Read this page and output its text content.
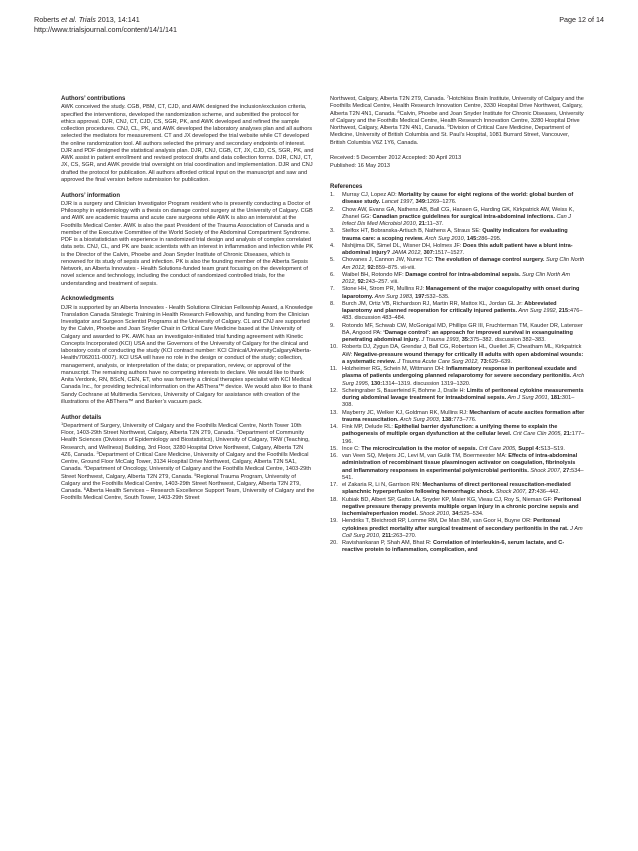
Roberts et al. Trials 2013, 14:141
http://www.trialsjournal.com/content/14/1/141
Page 12 of 14
Authors’ contributions
AWK conceived the study. CGB, PBM, CT, CJD, and AWK designed the inclusion/exclusion criteria, specified the interventions, developed the randomization scheme, and submitted the protocol for ethics approval. DJR, CNJ, CT, CJD, CS, SGR, PK, and AWK developed and refined the sample collection procedures. CNJ, CL, PK, and AWK developed the laboratory analyses plan and all authors selected the mediators for measurement. CT and JX developed the trial website while CT developed the online randomization tool. All authors selected the primary and secondary endpoints of interest. DJR and PDF designed the statistical analysis plan. DJR, CNJ, CGB, CT, JX, CJD, CS, SGR, PK, and AWK assist in patient enrollment and revised protocol drafts and data collection forms. DJR, CNJ, CT, JX, CS, SGR, and AWK provide trial oversight on trial coordination and implementation. DJR and CNJ drafted the protocol for publication. All authors afforded critical input on the manuscript and saw and approved the final version before submission for publication.
Authors’ information
DJR is a surgery and Clinician Investigator Program resident who is presently conducting a Doctor of Philosophy in epidemiology with a thesis on damage control surgery at the University of Calgary. CGB and AWK are academic trauma and acute care surgeons while AWK is also an intensivist at the Foothills Medical Center. AWK is also the past President of the Trauma Association of Canada and a member of the Executive Committee of the World Society of the Abdominal Compartment Syndrome. PDF is a biostatistician with experience in randomized trial design and analysis of complex correlated data sets. CNJ, CL, and PK are basic scientists with an interest in inflammation and infection while PK is the Director of the Calvin, Phoebe and Joan Snyder Institute of Chronic Diseases, which is renowned for its study of sepsis and infection. PK is also the founding member of the Alberta Sepsis Network, an Alberta Innovates - Health Solutions-funded team grant focusing on the development of novel science and technology, including the conduct of randomized controlled trials, for the understanding and treatment of sepsis.
Acknowledgments
DJR is supported by an Alberta Innovates - Health Solutions Clinician Fellowship Award, a Knowledge Translation Canada Strategic Training in Health Research Fellowship, and funding from the Clinician Investigator and Surgeon Scientist Programs at the University of Calgary. CL and CNJ are supported by the Calvin, Phoebe and Joan Snyder Chair in Critical Care Medicine based at the University of Calgary and awarded to PK. AWK has an investigator-initiated trial funding agreement with Kinetic Concepts Incorporated (KCI) USA and the Governors of the University of Calgary for the clinical and laboratory costs of conducting the study (KCI contract number: KCI Clinical/UniversityCalgaryAlberta-Health/7062011-0007). KCI USA will have no role in the design or conduct of the study; collection, management, analysis, or interpretation of the data; or preparation, review, or approval of the manuscript. The remaining authors have no competing interests to declare. We would like to thank Anita Verdonk, RN, BScN, CEN, ET, who was formerly a clinical therapies specialist with KCI Medical Canada Inc., for providing technical information on the ABThera™ device. We would also like to thank Sandy Cochrane at Multimedia Services, University of Calgary for assistance with creation of the illustrations of the ABThera™ and Barker’s vacuum pack.
Author details
$^1$Department of Surgery, University of Calgary and the Foothills Medical Centre, North Tower 10th Floor, 1403-29th Street Northwest, Calgary, Alberta T2N 2T9, Canada. $^2$Department of Community Health Sciences (Divisions of Epidemiology and Biostatistics), University of Calgary, TRW (Teaching, Research, and Wellness) Building, 3rd Floor, 3280 Hospital Drive Northwest, Calgary, Alberta T2N 4Z6, Canada. $^3$Department of Critical Care Medicine, University of Calgary and the Foothills Medical Centre, Ground Floor McCaig Tower, 3134 Hospital Drive Northwest, Calgary, Alberta T2N 5A1, Canada. $^4$Department of Oncology, University of Calgary and the Foothills Medical Centre, 1403-29th Street Northwest, Calgary, Alberta T2N 2T9, Canada. $^5$Regional Trauma Program, University of Calgary and the Foothills Medical Centre, 1403-29th Street Northwest, Calgary, Alberta T2N 2T9, Canada. $^6$Alberta Health Services – Research Excellence Support Team, University of Calgary and the Foothills Medical Centre, South Tower, 1403-29th Street
Northwest, Calgary, Alberta T2N 2T9, Canada. $^7$Hotchkiss Brain Institute, University of Calgary and the Foothills Medical Centre, Health Research Innovation Centre, 3330 Hospital Drive Northwest, Calgary, Alberta T2N 4N1, Canada. $^8$Calvin, Phoebe and Joan Snyder Institute for Chronic Diseases, University of Calgary and the Foothills Medical Centre, Health Research Innovation Centre, 3280 Hospital Drive Northwest, Calgary, Alberta T2N 4N1, Canada. $^9$Division of Critical Care Medicine, Department of Medicine, University of British Columbia and St. Paul’s Hospital, 1081 Burrard Street, Vancouver, British Columbia V6Z 1Y6, Canada.
Received: 5 December 2012 Accepted: 30 April 2013
Published: 16 May 2013
References
1.	Murray CJ, Lopez AD: Mortality by cause for eight regions of the world: global burden of disease study. Lancet 1997, 349:1269–1276.
2.	Chow AW, Evans GA, Nathens AB, Ball CG, Hansen G, Harding GK, Kirkpatrick AW, Weiss K, Zhanel GG: Canadian practice guidelines for surgical intra-abdominal infections. Can J Infect Dis Med Microbiol 2010, 21:11–37.
3.	Stelfox HT, Bobranska-Artiuch B, Nathens A, Straus SE: Quality indicators for evaluating trauma care: a scoping review. Arch Surg 2010, 145:286–295.
4.	Nishijima DK, Simel DL, Wisner DH, Holmes JF: Does this adult patient have a blunt intra-abdominal injury? JAMA 2012, 307:1517–1527.
5.	Chovanes J, Cannon JW, Nunez TC: The evolution of damage control surgery. Surg Clin North Am 2012, 92:859–875. vii-viii.
6.	Waibel BH, Rotondo MF: Damage control for intra-abdominal sepsis. Surg Clin North Am 2012, 92:243–257. viii.
7.	Stone HH, Strom PR, Mullins RJ: Management of the major coagulopathy with onset during laparotomy. Ann Surg 1983, 197:532–535.
8.	Burch JM, Ortiz VB, Richardson RJ, Martin RR, Mattox KL, Jordan GL Jr: Abbreviated laparotomy and planned reoperation for critically injured patients. Ann Surg 1992, 215:476–483. discussion 483–484.
9.	Rotondo MF, Schwab CW, McGonigal MD, Phillips GR III, Fruchterman TM, Kauder DR, Latenser BA, Angood PA: ‘Damage control’: an approach for improved survival in exsanguinating penetrating abdominal injury. J Trauma 1993, 35:375–382. discussion 382–383.
10. Roberts DJ, Zygun DA, Grendar J, Ball CG, Robertson HL, Ouellet JF, Cheatham ML, Kirkpatrick AW: Negative-pressure wound therapy for critically ill adults with open abdominal wounds: a systematic review. J Trauma Acute Care Surg 2012, 73:629–639.
11. Holzheimer RG, Schein M, Wittmann DH: Inflammatory response in peritoneal exudate and plasma of patients undergoing planned relaparotomy for severe secondary peritonitis. Arch Surg 1995, 130:1314–1319. discussion 1319–1320.
12. Scheingraber S, Bauerfeind F, Bohme J, Dralle H: Limits of peritoneal cytokine measurements during abdominal lavage treatment for intraabdominal sepsis. Am J Surg 2001, 181:301–308.
13. Mayberry JC, Welker KJ, Goldman RK, Mullins RJ: Mechanism of acute ascites formation after trauma resuscitation. Arch Surg 2003, 138:773–776.
14. Fink MP, Delude RL: Epithelial barrier dysfunction: a unifying theme to explain the pathogenesis of multiple organ dysfunction at the cellular level. Crit Care Clin 2005, 21:177–196.
15. Ince C: The microcirculation is the motor of sepsis. Crit Care 2005, Suppl 4:S13–S19.
16. van Veen SQ, Meijers JC, Levi M, van Gulik TM, Boermeester MA: Effects of intra-abdominal administration of recombinant tissue plasminogen activator on coagulation, fibrinolysis and inflammatory responses in experimental polymicrobial peritonitis. Shock 2007, 27:534–541.
17. el Zakaria R, Li N, Garrison RN: Mechanisms of direct peritoneal resuscitation-mediated splanchnic hyperperfusion following hemorrhagic shock. Shock 2007, 27:436–442.
18. Kubiak BD, Albert SP, Gatto LA, Snyder KP, Maier KG, Vieau CJ, Roy S, Nieman GF: Peritoneal negative pressure therapy prevents multiple organ injury in a chronic porcine sepsis and ischemia/reperfusion model. Shock 2010, 34:525–534.
19. Hendriks T, Bleichrodt RP, Lomme RM, De Man BM, van Goor H, Buyne OR: Peritoneal cytokines predict mortality after surgical treatment of secondary peritonitis in the rat. J Am Coll Surg 2010, 211:263–270.
20. Ravishankaran P, Shah AM, Bhat R: Correlation of interleukin-6, serum lactate, and C-reactive protein to inflammation, complication, and
